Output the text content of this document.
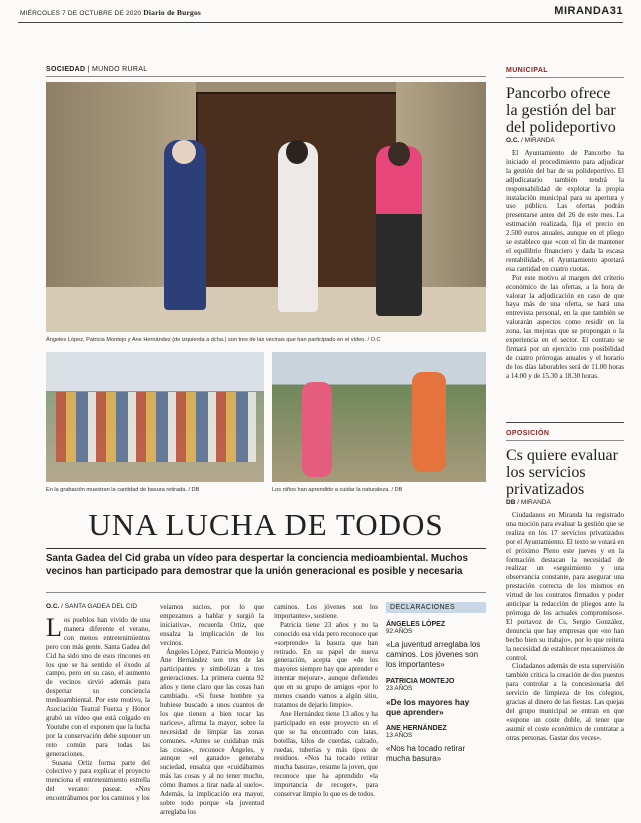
MIÉRCOLES 7 DE OCTUBRE DE 2020 Diario de Burgos	MIRANDA31
SOCIEDAD | MUNDO RURAL
Ángeles López, Patricia Montejo y Ane Hernández (de izquierda a dcha.) son tres de las vecinas que han participado en el vídeo. / O.C
En la grabación muestran la cantidad de basura retirada. / DB	Los niños han aprendido a cuidar la naturaleza. / DB
UNA LUCHA DE TODOS
Santa Gadea del Cid graba un vídeo para despertar la conciencia medioambiental. Muchos vecinos han participado para demostrar que la unión generacional es posible y necesaria
O.C. / SANTA GADEA DEL CID
Los pueblos han vivido de una manera diferente el verano, con menos entretenimientos pero con más gente. Santa Gadea del Cid ha sido uno de esos rincones en los que se ha sentido el éxodo al campo, pero en su caso, el aumento de vecinos sirvió además para despertar su conciencia medioambiental. Por este motivo, la Asociación Teatral Fuerza y Honor grabó un vídeo que está colgado en Youtube con el exponen que la lucha por la conservación debe suponer un reto común para todas las generaciones.

Susana Ortiz forma parte del colectivo y para explicar el proyecto menciona el entretenimiento estrella del verano: pasear. «Nos encontrábamos por los caminos y los

veíamos sucios, por lo que empezamos a hablar y surgió la iniciativa», recuerda Ortiz, que ensalza la implicación de los vecinos.

Ángeles López, Patricia Montejo y Ane Hernández son tres de las participantes y simbolizan a tres generaciones. La primera cuenta 92 años y tiene claro que las cosas han cambiado. «Si fuese hombre ya hubiese buscado a unos cuantos de los que tienen a bien tocar las narices», afirma la mayor, sobre la necesidad de limpiar las zonas comunes. «Antes se cuidaban más las cosas», reconoce Ángeles, y aunque «el ganado» generaba suciedad, ensalza que «cuidábamos más las cosas y al no tener mucho, cómo íbamos a tirar nada al suelo». Además, la implicación era mayor, sobre todo porque «la juventud arreglaba los

caminos. Los jóvenes son los importantes», sostiene.

Patricia tiene 23 años y no la conocido esa vida pero reconoce que «sorprende» la basura que han retirado. En su papel de nueva generación, acepta que «de los mayores siempre hay que aprender e intentar mejorar», aunque defiendes que en su grupo de amigos «por lo menos cuando vamos a algún sitio, tratamos de dejarlo limpio».

Ane Hernández tiene 13 años y ha participado en este proyecto en el que se ha encontrado con latas, botellas, kilos de cuerdas, calzado, ruedas, tuberías y más tipos de residuos. «Nos ha tocado retirar mucha basura», resume la joven, que reconoce que ha aprendido «la importancia de recoger», para conservar limpio lo que es de todos.

DECLARACIONES
ÁNGELES LÓPEZ
92 AÑOS
«La juventud arreglaba los caminos. Los jóvenes son los importantes»
PATRICIA MONTEJO
23 AÑOS
«De los mayores hay que aprender»
ANE HERNÁNDEZ
13 AÑOS
«Nos ha tocado retirar mucha basura»
MUNICIPAL
Pancorbo ofrece la gestión del bar del polideportivo
O.C. / MIRANDA

El Ayuntamiento de Pancorbo ha iniciado el procedimiento para adjudicar la gestión del bar de su polideportivo. El adjudicatario también tendrá la responsabilidad de explotar la propia instalación municipal para su apertura y uso público. Las ofertas podrán presentarse antes del 26 de este mes. La estimación realizada, fija el precio en 2.500 euros anuales, aunque en el pliego se establece que «con el fin de mantener el equilibrio financiero y dada la escasa rentabilidad», el Ayuntamiento aportará esa cantidad en cuatro cuotas.

Por este motivo al margen del criterio económico de las ofertas, a la hora de valorar la adjudicación en caso de que haya más de una oferta, se hará una entrevista personal, en la que también se valorarán aspectos como residir en la zona, las mejoras que se propongan o la experiencia en el sector. El contrato se firmará por un ejercicio con posibilidad de cuatro prórrogas anuales y el horario de los días laborables será de 11.00 horas a 14.00 y de 15.30 a 18.30 horas.

OPOSICIÓN
Cs quiere evaluar los servicios privatizados
DB / MIRANDA

Ciudadanos en Miranda ha registrado una moción para evaluar la gestión que se realiza en los 17 servicios privatizados por el Ayuntamiento. El texto se votará en el próximo Pleno este jueves y en la formación destacan la necesidad de realizar un «seguimiento y una observancia constante, para asegurar una prestación correcta de los mismos en virtud de los contratos firmados y poder anticipar la redacción de pliegos ante la prórroga de los actuales compromisos». El portavoz de Cs, Sergio González, denuncia que hay empresas que «no han hecho bien su trabajo», por lo que reitera la necesidad de establecer mecanismos de control.

Ciudadanos además de esta supervisión también critica la creación de dos puestos para controlar a la concesionaria del servicio de limpieza de los colegios, gracias al dinero de las fiestas. Las quejas del grupo municipal se entran en que «supone un coste doble, al tener que asumir el coste económico de contratar a otras personas. Gastar dos veces».
